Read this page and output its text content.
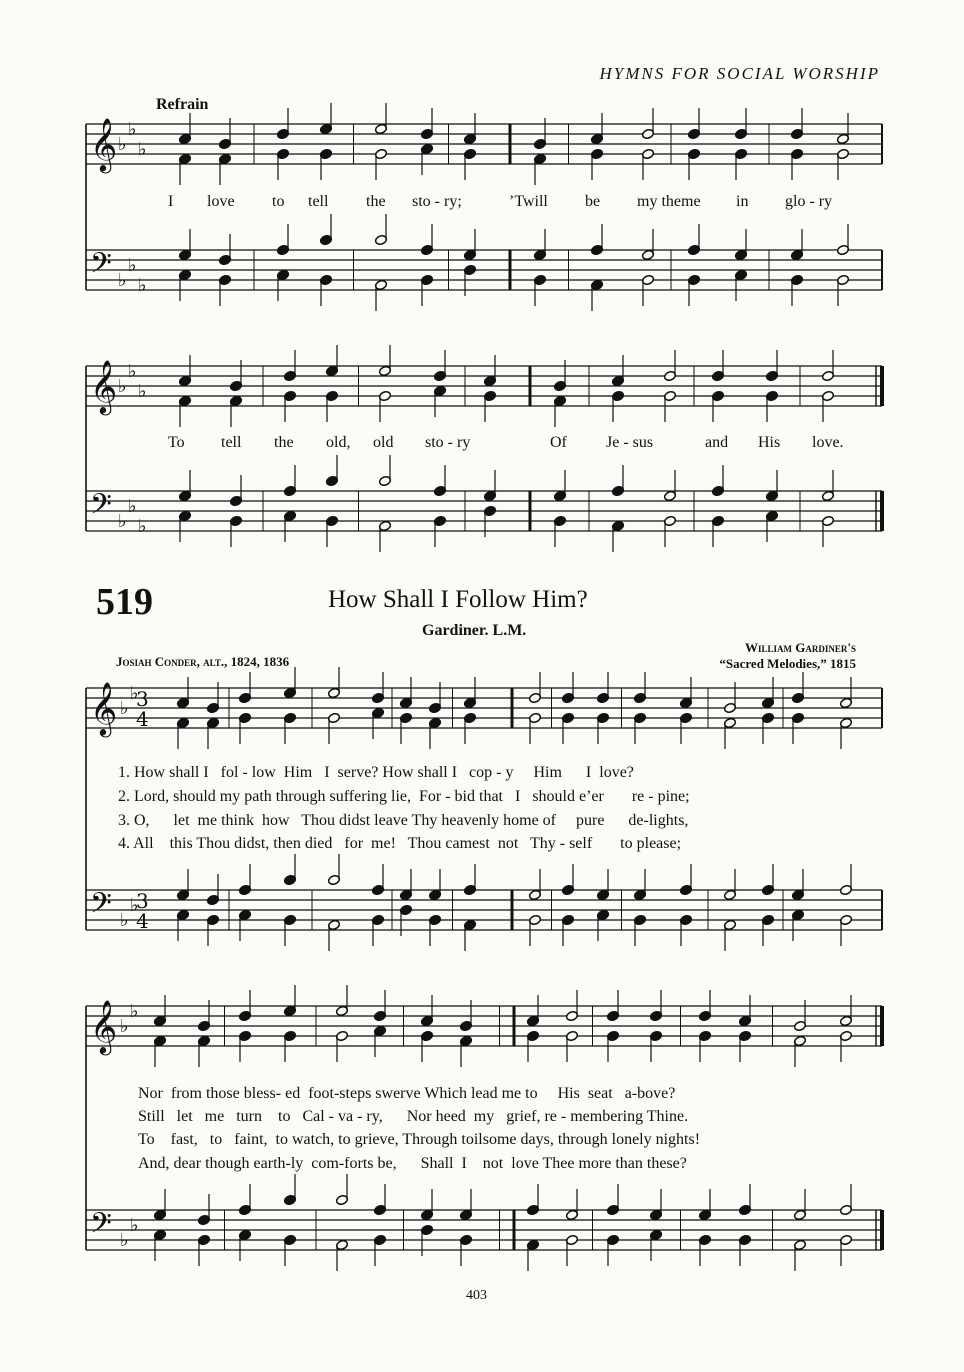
HYMNS FOR SOCIAL WORSHIP
Refrain
𝄞
𝄢
♭
♭
♭
♭
♭
♭
𝄞
𝄢
♭
♭
♭
♭
♭
♭
𝄞
𝄢
♭
♭
♭
♭
3
4
3
4
𝄞
𝄢
♭
♭
♭
♭
I love to tell the sto - ry;	’Twill be my theme in glo - ry
To tell the old, old sto - ry	Of Je - sus	and His love.
519	How Shall I Follow Him?
Gardiner. L.M.
Josiah Conder, alt., 1824, 1836
William Gardiner's
“Sacred Melodies,” 1815
1. How shall I   fol - low  Him   I  serve? How shall I   cop - y     Him      I  love?
2. Lord, should my path through suffering lie,  For - bid that   I   should e’er       re - pine;
3. O,      let  me think  how   Thou didst leave Thy heavenly home of     pure      de-lights,
4. All    this Thou didst, then died   for  me!   Thou camest  not   Thy - self       to please;
Nor  from those bless- ed  foot-steps swerve Which lead me to     His  seat   a-bove?
Still   let   me   turn    to   Cal - va - ry,      Nor heed  my   grief, re - membering Thine.
To    fast,   to   faint,  to watch, to grieve, Through toilsome days, through lonely nights!
And, dear though earth-ly  com-forts be,      Shall  I    not  love Thee more than these?
403
